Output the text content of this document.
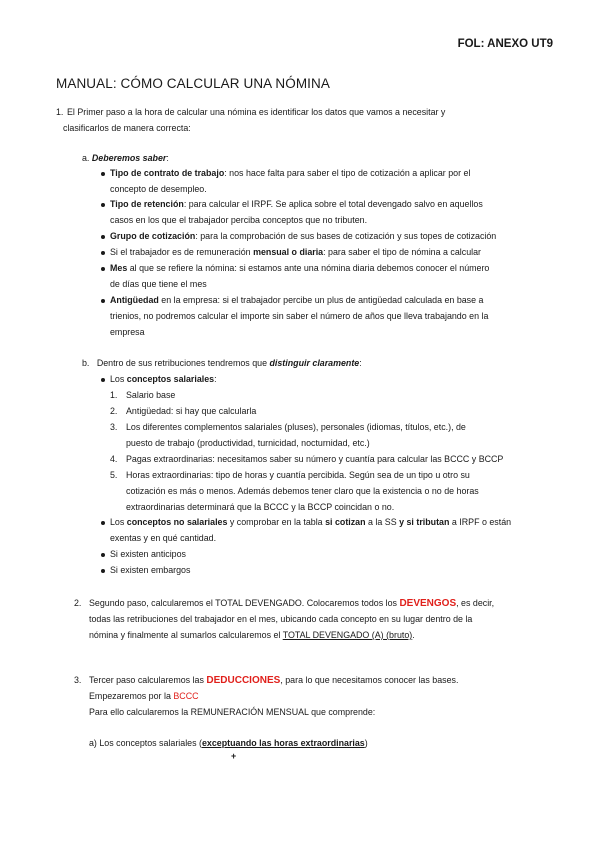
FOL: ANEXO UT9
MANUAL: CÓMO CALCULAR UNA NÓMINA
1. El Primer paso a la hora de calcular una nómina es identificar los datos que vamos a necesitar y
clasificarlos de manera correcta:
a. Deberemos saber:
Tipo de contrato de trabajo: nos hace falta para saber el tipo de cotización a aplicar por el
concepto de desempleo.
Tipo de retención: para calcular el IRPF. Se aplica sobre el total devengado salvo en aquellos
casos en los que el trabajador perciba conceptos que no tributen.
Grupo de cotización: para la comprobación de sus bases de cotización y sus topes de cotización
Si el trabajador es de remuneración mensual o diaria: para saber el tipo de nómina a calcular
Mes al que se refiere la nómina: si estamos ante una nómina diaria debemos conocer el número
de días que tiene el mes
Antigüedad en la empresa: si el trabajador percibe un plus de antigüedad calculada en base a
trienios, no podremos calcular el importe sin saber el número de años que lleva trabajando en la
empresa
b. Dentro de sus retribuciones tendremos que distinguir claramente:
Los conceptos salariales:
1. Salario base
2. Antigüedad: si hay que calcularla
3. Los diferentes complementos salariales (pluses), personales (idiomas, títulos, etc.), de
puesto de trabajo (productividad, turnicidad, nocturnidad, etc.)
4. Pagas extraordinarias: necesitamos saber su número y cuantía para calcular las BCCC y BCCP
5. Horas extraordinarias: tipo de horas y cuantía percibida. Según sea de un tipo u otro su
cotización es más o menos. Además debemos tener claro que la existencia o no de horas
extraordinarias determinará que la BCCC y la BCCP coincidan o no.
Los conceptos no salariales y comprobar en la tabla si cotizan a la SS y si tributan a IRPF o están
exentas y en qué cantidad.
Si existen anticipos
Si existen embargos
2. Segundo paso, calcularemos el TOTAL DEVENGADO. Colocaremos todos los DEVENGOS, es decir,
todas las retribuciones del trabajador en el mes, ubicando cada concepto en su lugar dentro de la
nómina y finalmente al sumarlos calcularemos el TOTAL DEVENGADO (A) (bruto).
3. Tercer paso calcularemos las DEDUCCIONES, para lo que necesitamos conocer las bases.
Empezaremos por la BCCC
Para ello calcularemos la REMUNERACIÓN MENSUAL que comprende:
a) Los conceptos salariales (exceptuando las horas extraordinarias)
+
